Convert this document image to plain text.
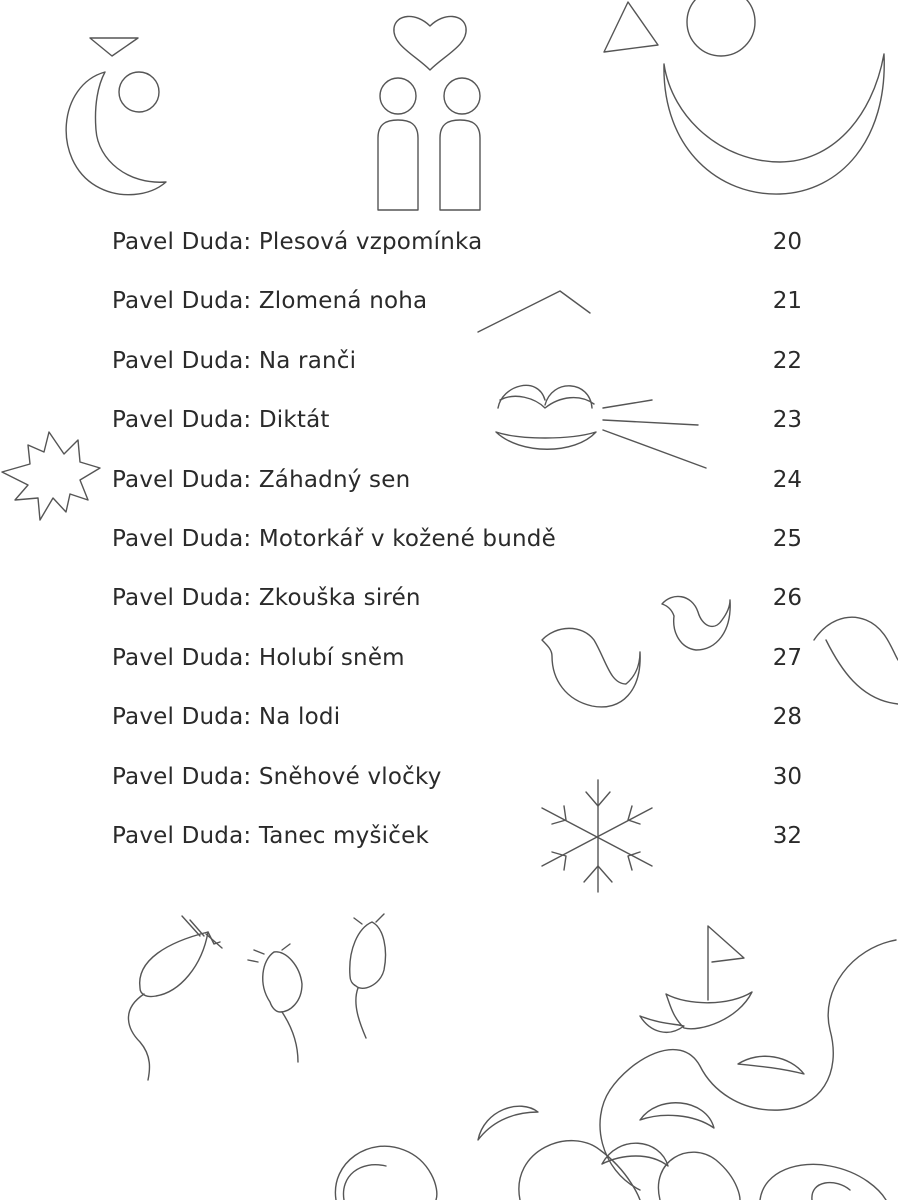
Pavel Duda: Plesová vzpomínka	20
Pavel Duda: Zlomená noha	21
Pavel Duda: Na ranči	22
Pavel Duda: Diktát	23
Pavel Duda: Záhadný sen	24
Pavel Duda: Motorkář v kožené bundě	25
Pavel Duda: Zkouška sirén	26
Pavel Duda: Holubí sněm	27
Pavel Duda: Na lodi	28
Pavel Duda: Sněhové vločky	30
Pavel Duda: Tanec myšiček	32
